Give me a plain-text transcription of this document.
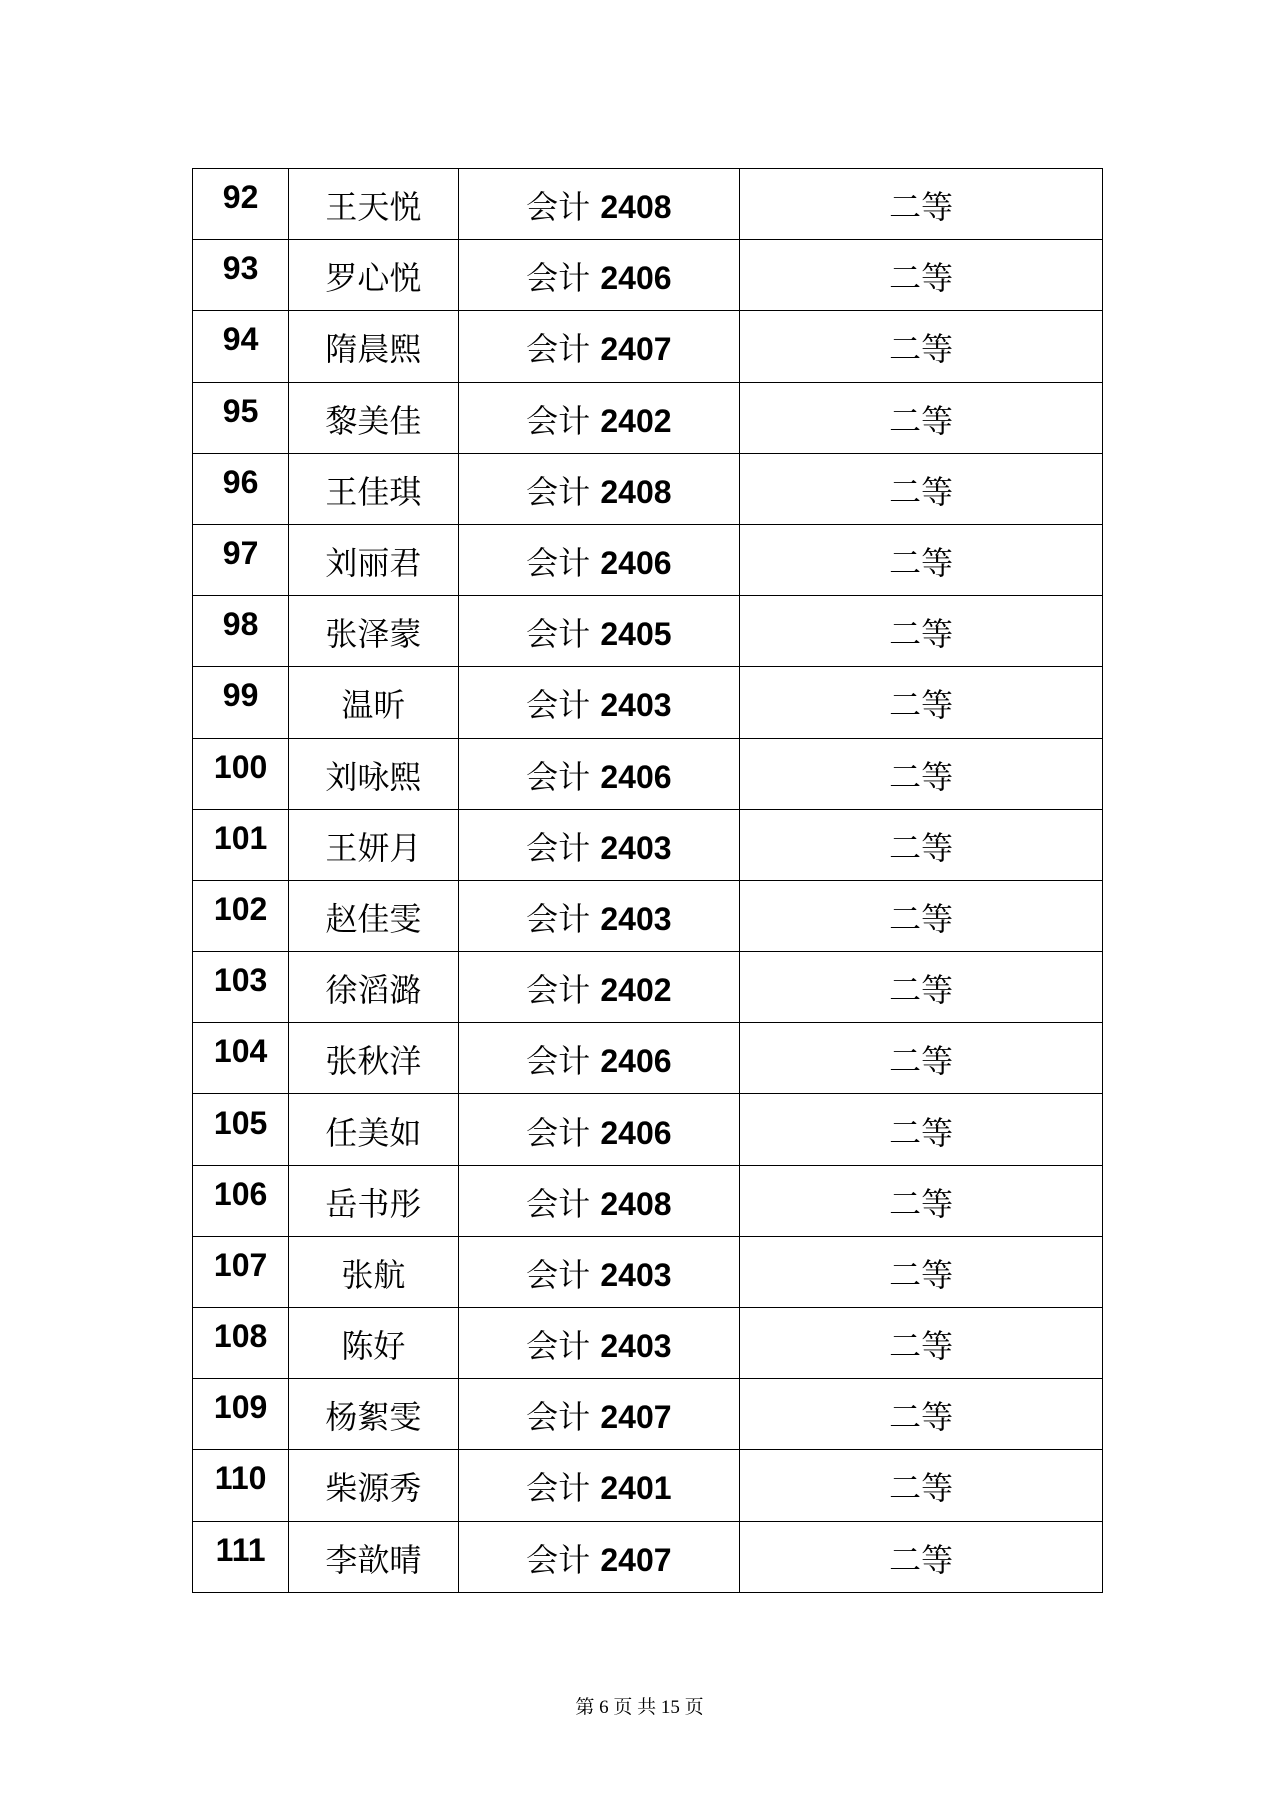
92	王天悦	会计 2408	二等
93	罗心悦	会计 2406	二等
94	隋晨熙	会计 2407	二等
95	黎美佳	会计 2402	二等
96	王佳琪	会计 2408	二等
97	刘丽君	会计 2406	二等
98	张泽蒙	会计 2405	二等
99	温昕	会计 2403	二等
100	刘咏熙	会计 2406	二等
101	王妍月	会计 2403	二等
102	赵佳雯	会计 2403	二等
103	徐滔潞	会计 2402	二等
104	张秋洋	会计 2406	二等
105	任美如	会计 2406	二等
106	岳书彤	会计 2408	二等
107	张航	会计 2403	二等
108	陈好	会计 2403	二等
109	杨絮雯	会计 2407	二等
110	柴源秀	会计 2401	二等
111	李歆晴	会计 2407	二等
第 6 页 共 15 页
